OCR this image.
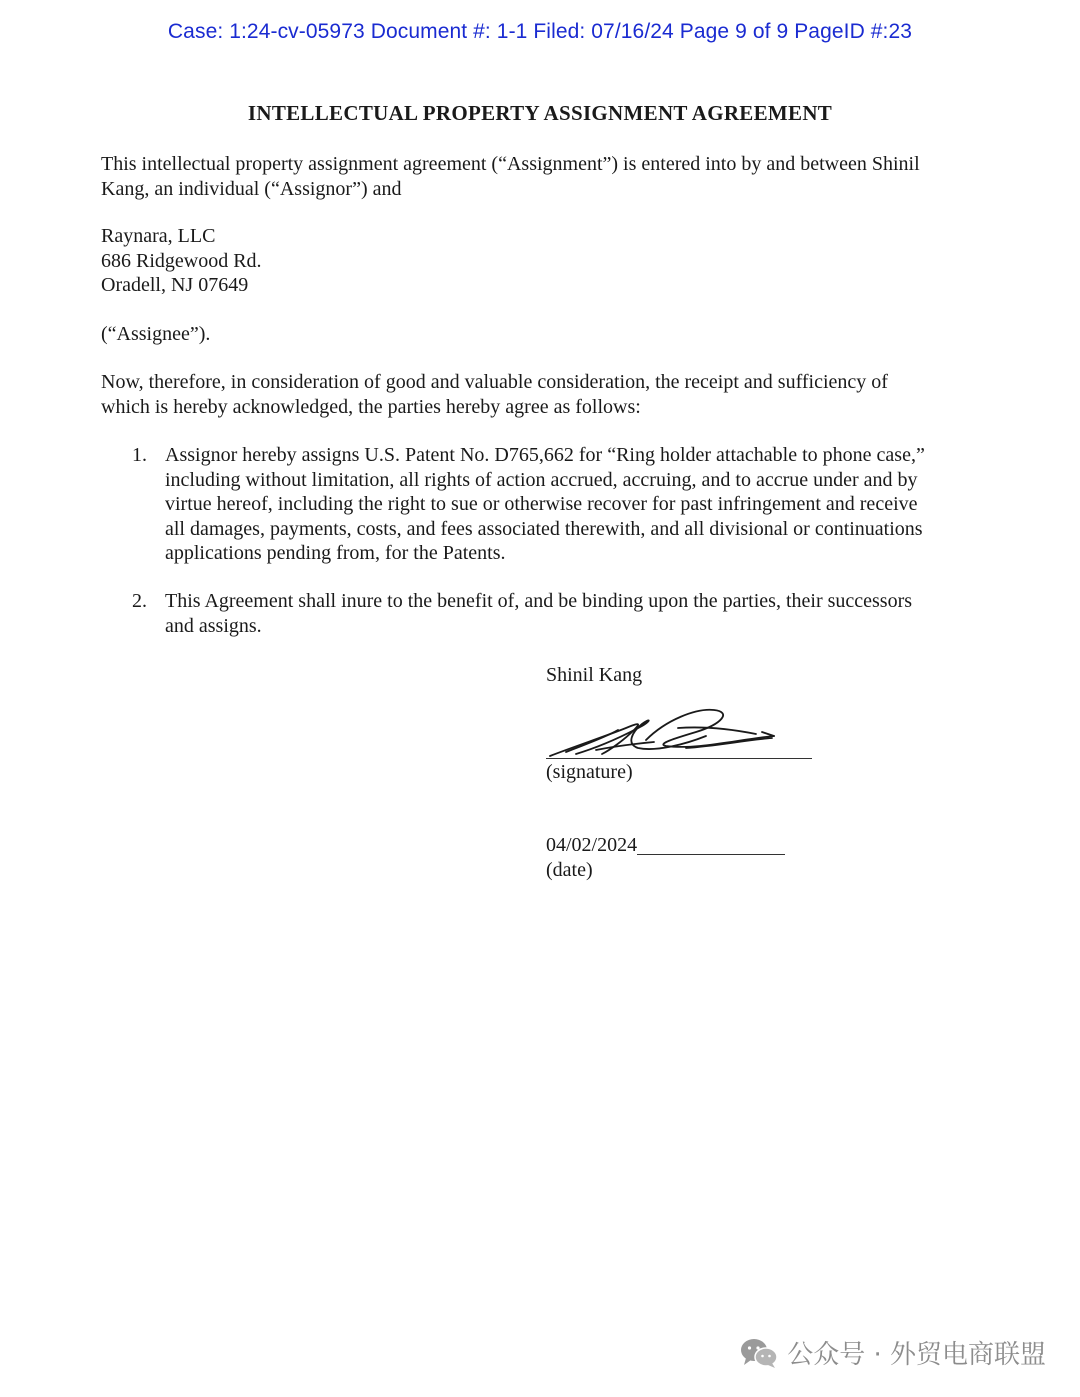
Case: 1:24-cv-05973 Document #: 1-1 Filed: 07/16/24 Page 9 of 9 PageID #:23
INTELLECTUAL PROPERTY ASSIGNMENT AGREEMENT
This intellectual property assignment agreement (“Assignment”) is entered into by and between Shinil
Kang, an individual (“Assignor”) and
Raynara, LLC
686 Ridgewood Rd.
Oradell, NJ 07649
(“Assignee”).
Now, therefore, in consideration of good and valuable consideration, the receipt and sufficiency of
which is hereby acknowledged, the parties hereby agree as follows:
1. Assignor hereby assigns U.S. Patent No. D765,662 for “Ring holder attachable to phone case,”
including without limitation, all rights of action accrued, accruing, and to accrue under and by
virtue hereof, including the right to sue or otherwise recover for past infringement and receive
all damages, payments, costs, and fees associated therewith, and all divisional or continuations
applications pending from, for the Patents.
2. This Agreement shall inure to the benefit of, and be binding upon the parties, their successors
and assigns.
Shinil Kang
(signature)
04/02/2024
(date)
公众号 · 外贸电商联盟
